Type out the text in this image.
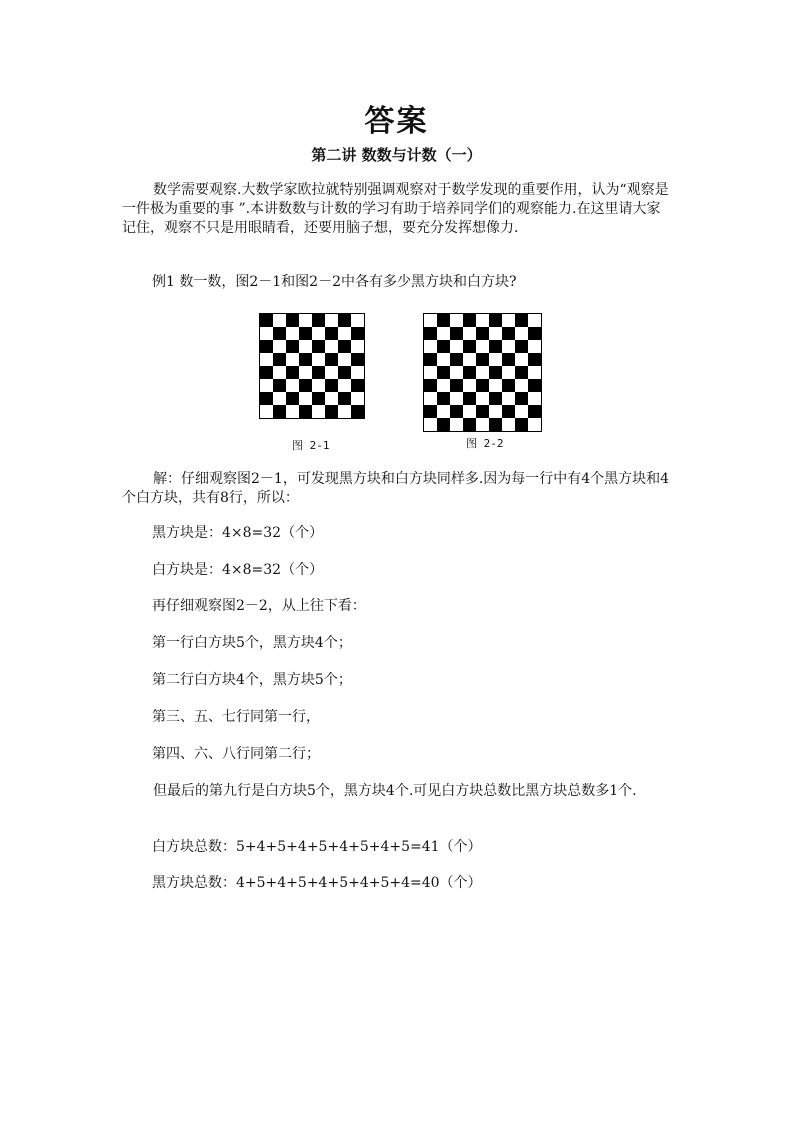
答案
第二讲 数数与计数（一）
数学需要观察.大数学家欧拉就特别强调观察对于数学发现的重要作用，认为“观察是一件极为重要的事 ”.本讲数数与计数的学习有助于培养同学们的观察能力.在这里请大家记住，观察不只是用眼睛看，还要用脑子想，要充分发挥想像力.
例1 数一数，图2－1和图2－2中各有多少黑方块和白方块?
图 2-1	图 2-2
解：仔细观察图2－1，可发现黑方块和白方块同样多.因为每一行中有4个黑方块和4个白方块，共有8行，所以：
黑方块是：4×8=32（个）
白方块是：4×8=32（个）
再仔细观察图2－2，从上往下看：
第一行白方块5个，黑方块4个；
第二行白方块4个，黑方块5个；
第三、五、七行同第一行，
第四、六、八行同第二行；
但最后的第九行是白方块5个，黑方块4个.可见白方块总数比黑方块总数多1个.
白方块总数：5+4+5+4+5+4+5+4+5=41（个）
黑方块总数：4+5+4+5+4+5+4+5+4=40（个）
